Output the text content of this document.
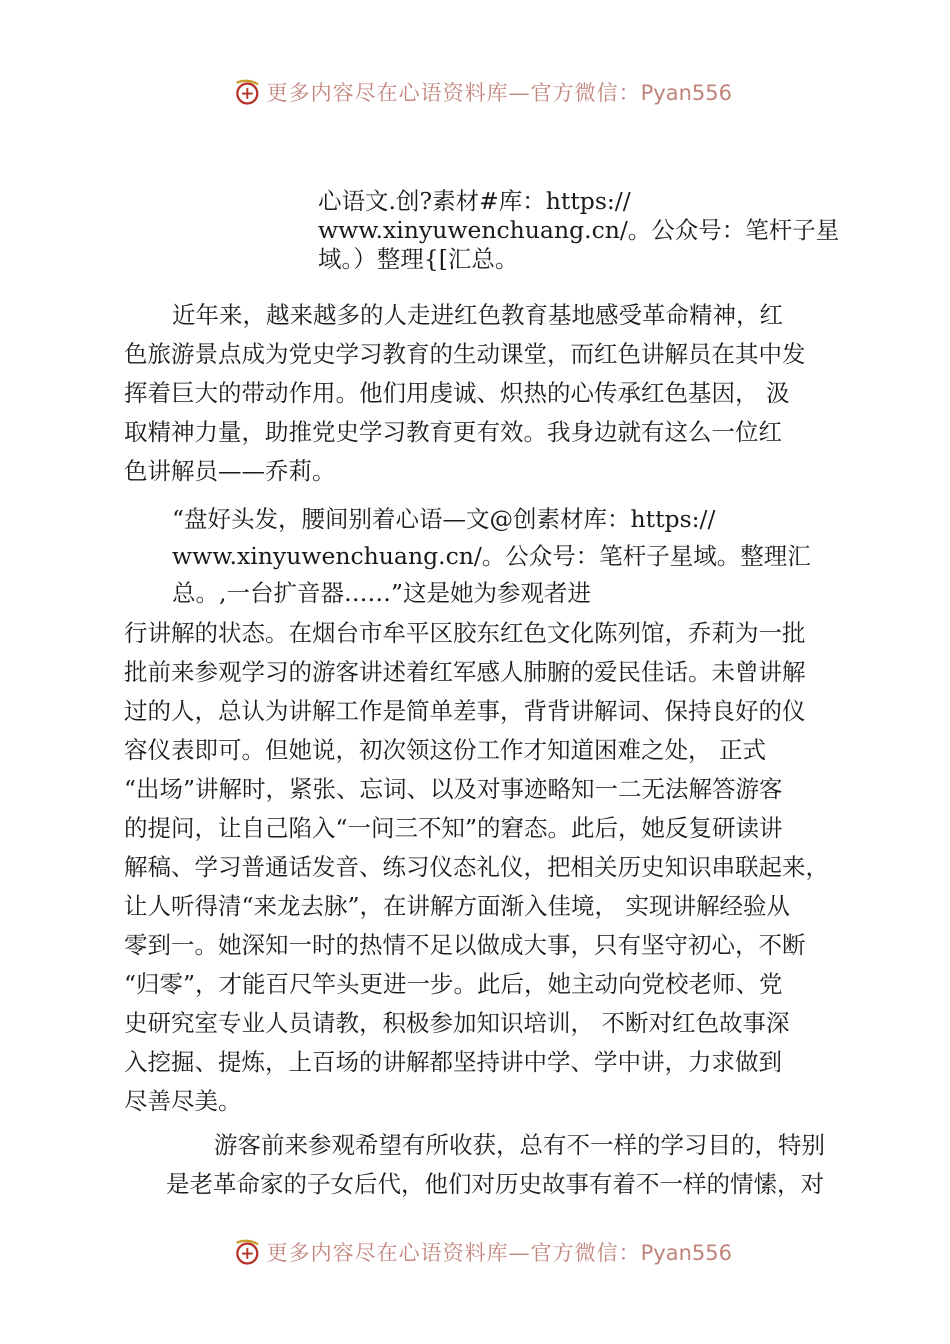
更多内容尽在心语资料库—官方微信：Pyan556
心语文.创?素材#库：https://
www.xinyuwenchuang.cn/。公众号：笔杆子星
域。）整理{[汇总。
近年来，越来越多的人走进红色教育基地感受革命精神，红
色旅游景点成为党史学习教育的生动课堂，而红色讲解员在其中发
挥着巨大的带动作用。他们用虔诚、炽热的心传承红色基因， 汲
取精神力量，助推党史学习教育更有效。我身边就有这么一位红
色讲解员——乔莉。
“盘好头发，腰间别着心语—文@创素材库：https://
www.xinyuwenchuang.cn/。公众号：笔杆子星域。整理汇
总。,一台扩音器……”这是她为参观者进
行讲解的状态。在烟台市牟平区胶东红色文化陈列馆，乔莉为一批
批前来参观学习的游客讲述着红军感人肺腑的爱民佳话。未曾讲解
过的人，总认为讲解工作是简单差事，背背讲解词、保持良好的仪
容仪表即可。但她说，初次领这份工作才知道困难之处， 正式
“出场”讲解时，紧张、忘词、以及对事迹略知一二无法解答游客
的提问，让自己陷入“一问三不知”的窘态。此后，她反复研读讲
解稿、学习普通话发音、练习仪态礼仪，把相关历史知识串联起来，
让人听得清“来龙去脉”，在讲解方面渐入佳境， 实现讲解经验从
零到一。她深知一时的热情不足以做成大事，只有坚守初心，不断
“归零”，才能百尺竿头更进一步。此后，她主动向党校老师、党
史研究室专业人员请教，积极参加知识培训， 不断对红色故事深
入挖掘、提炼，上百场的讲解都坚持讲中学、学中讲，力求做到
尽善尽美。
游客前来参观希望有所收获，总有不一样的学习目的，特别
是老革命家的子女后代，他们对历史故事有着不一样的情愫，对
更多内容尽在心语资料库—官方微信：Pyan556
